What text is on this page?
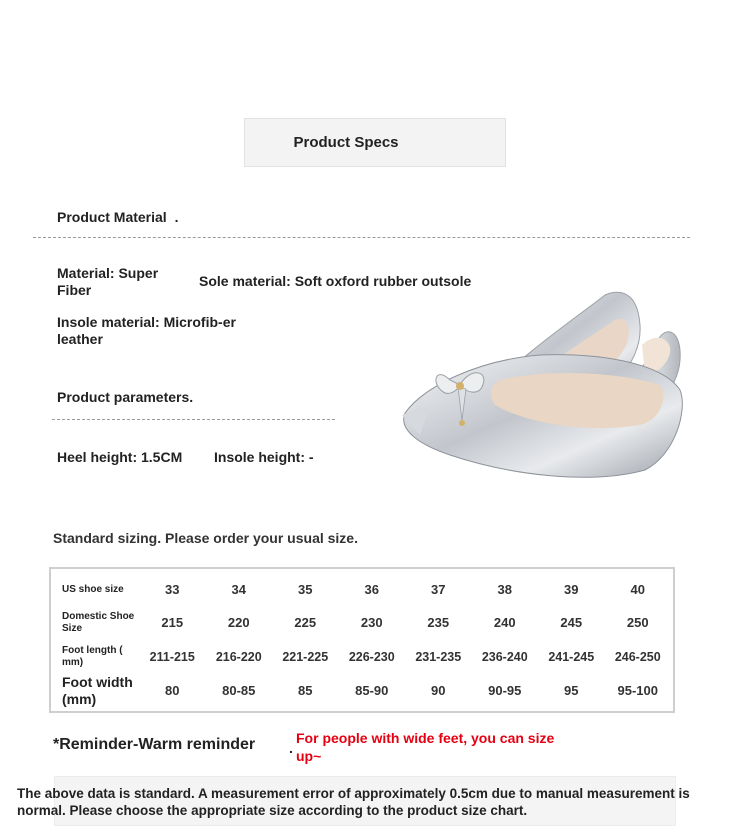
Product Specs
Product Material .
Material: Super Fiber
Sole material: Soft oxford rubber outsole
Insole material: Microfib-er leather
Product parameters.
Heel height: 1.5CM Insole height: -
Standard sizing. Please order your usual size.
US shoe size	33	34	35	36	37	38	39	40
Domestic Shoe Size	215	220	225	230	235	240	245	250
Foot length ( mm)	211-215	216-220	221-225	226-230	231-235	236-240	241-245	246-250
Foot width (mm)	80	80-85	85	85-90	90	90-95	95	95-100
*Reminder-Warm reminder .
For people with wide feet, you can size up~
The above data is standard. A measurement error of approximately 0.5cm due to manual measurement is normal. Please choose the appropriate size according to the product size chart.
